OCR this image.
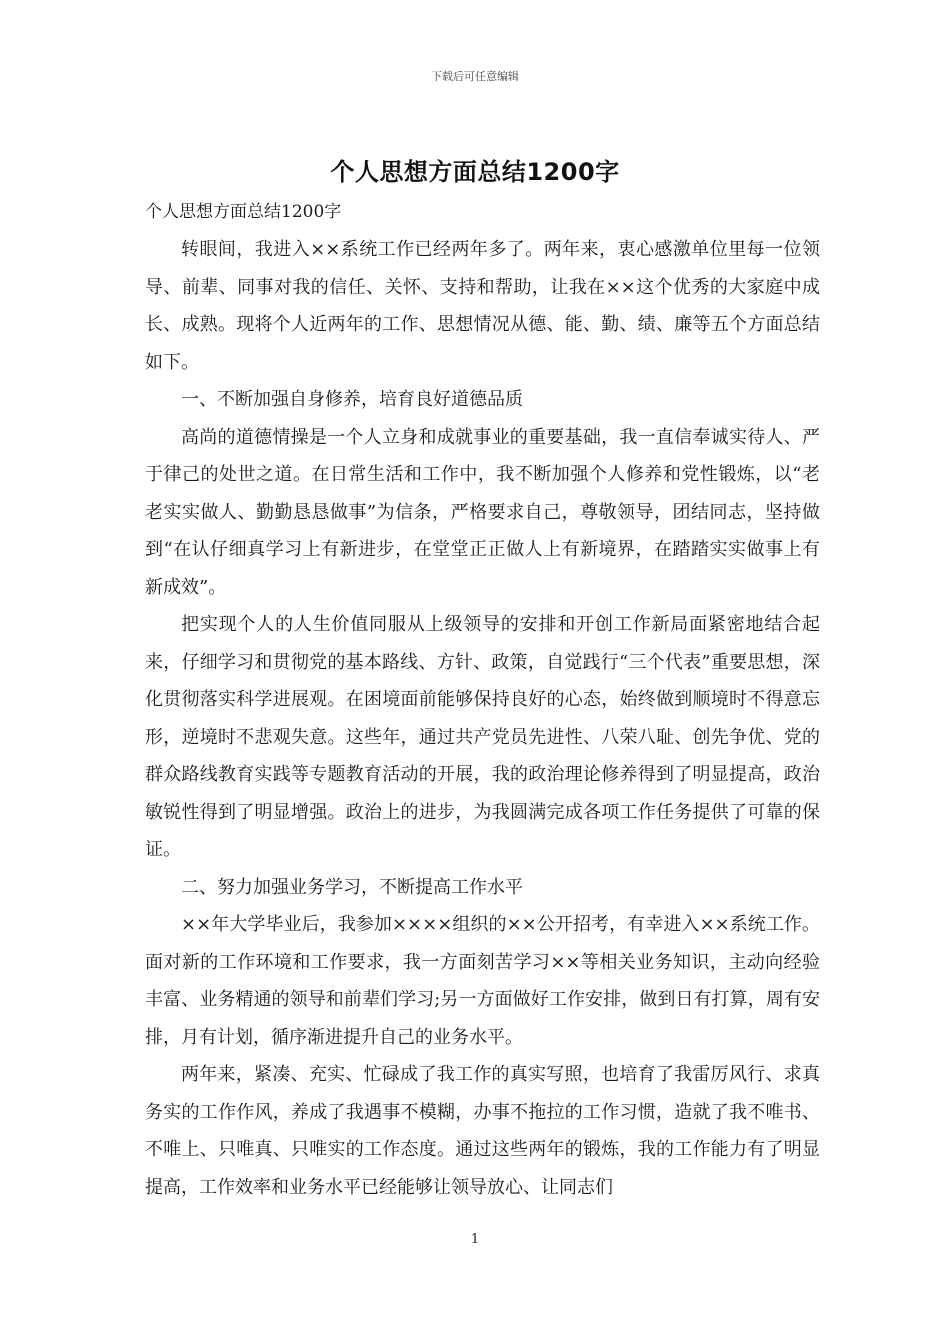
下载后可任意编辑
个人思想方面总结1200字

个人思想方面总结1200字

转眼间，我进入××系统工作已经两年多了。两年来，衷心感激单位里每一位领导、前辈、同事对我的信任、关怀、支持和帮助，让我在××这个优秀的大家庭中成长、成熟。现将个人近两年的工作、思想情况从德、能、勤、绩、廉等五个方面总结如下。

一、不断加强自身修养，培育良好道德品质

高尚的道德情操是一个人立身和成就事业的重要基础，我一直信奉诚实待人、严于律己的处世之道。在日常生活和工作中，我不断加强个人修养和党性锻炼，以“老老实实做人、勤勤恳恳做事”为信条，严格要求自己，尊敬领导，团结同志，坚持做到“在认仔细真学习上有新进步，在堂堂正正做人上有新境界，在踏踏实实做事上有新成效”。

把实现个人的人生价值同服从上级领导的安排和开创工作新局面紧密地结合起来，仔细学习和贯彻党的基本路线、方针、政策，自觉践行“三个代表”重要思想，深化贯彻落实科学进展观。在困境面前能够保持良好的心态，始终做到顺境时不得意忘形，逆境时不悲观失意。这些年，通过共产党员先进性、八荣八耻、创先争优、党的群众路线教育实践等专题教育活动的开展，我的政治理论修养得到了明显提高，政治敏锐性得到了明显增强。政治上的进步，为我圆满完成各项工作任务提供了可靠的保证。

二、努力加强业务学习，不断提高工作水平

××年大学毕业后，我参加××××组织的××公开招考，有幸进入××系统工作。面对新的工作环境和工作要求，我一方面刻苦学习××等相关业务知识，主动向经验丰富、业务精通的领导和前辈们学习;另一方面做好工作安排，做到日有打算，周有安排，月有计划，循序渐进提升自己的业务水平。

两年来，紧凑、充实、忙碌成了我工作的真实写照，也培育了我雷厉风行、求真务实的工作作风，养成了我遇事不模糊，办事不拖拉的工作习惯，造就了我不唯书、不唯上、只唯真、只唯实的工作态度。通过这些两年的锻炼，我的工作能力有了明显提高，工作效率和业务水平已经能够让领导放心、让同志们

1
